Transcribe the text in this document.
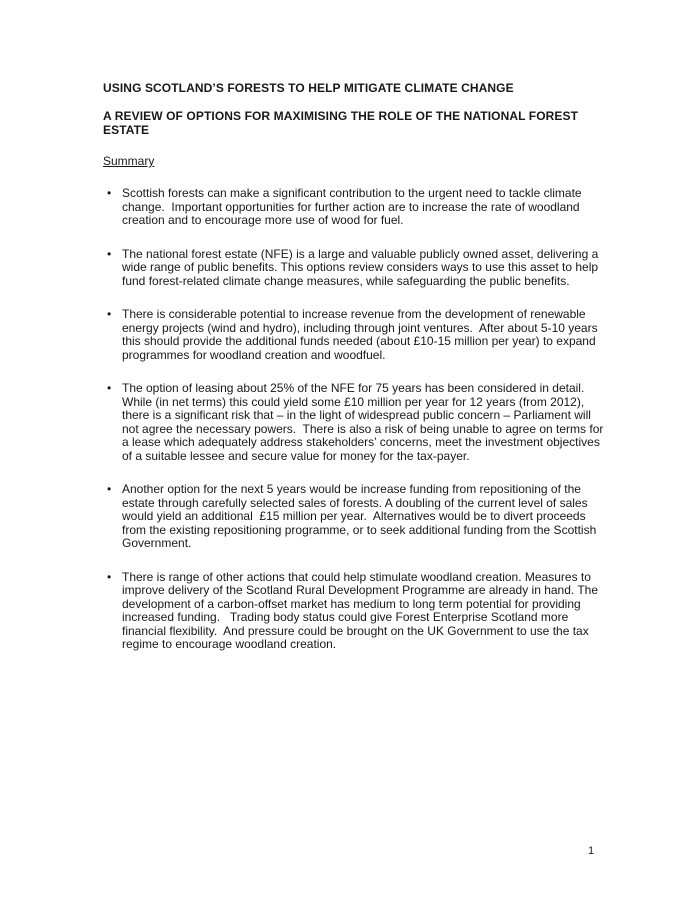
USING SCOTLAND’S FORESTS TO HELP MITIGATE CLIMATE CHANGE
A REVIEW OF OPTIONS FOR MAXIMISING THE ROLE OF THE NATIONAL FOREST ESTATE
Summary
• Scottish forests can make a significant contribution to the urgent need to tackle climate change.  Important opportunities for further action are to increase the rate of woodland creation and to encourage more use of wood for fuel.
• The national forest estate (NFE) is a large and valuable publicly owned asset, delivering a wide range of public benefits. This options review considers ways to use this asset to help fund forest-related climate change measures, while safeguarding the public benefits.
• There is considerable potential to increase revenue from the development of renewable energy projects (wind and hydro), including through joint ventures.  After about 5-10 years this should provide the additional funds needed (about £10-15 million per year) to expand programmes for woodland creation and woodfuel.
• The option of leasing about 25% of the NFE for 75 years has been considered in detail. While (in net terms) this could yield some £10 million per year for 12 years (from 2012), there is a significant risk that – in the light of widespread public concern – Parliament will not agree the necessary powers.  There is also a risk of being unable to agree on terms for a lease which adequately address stakeholders’ concerns, meet the investment objectives of a suitable lessee and secure value for money for the tax-payer.
• Another option for the next 5 years would be increase funding from repositioning of the estate through carefully selected sales of forests. A doubling of the current level of sales would yield an additional  £15 million per year.  Alternatives would be to divert proceeds from the existing repositioning programme, or to seek additional funding from the Scottish Government.
• There is range of other actions that could help stimulate woodland creation. Measures to improve delivery of the Scotland Rural Development Programme are already in hand. The development of a carbon-offset market has medium to long term potential for providing increased funding.   Trading body status could give Forest Enterprise Scotland more financial flexibility.  And pressure could be brought on the UK Government to use the tax regime to encourage woodland creation.
1
